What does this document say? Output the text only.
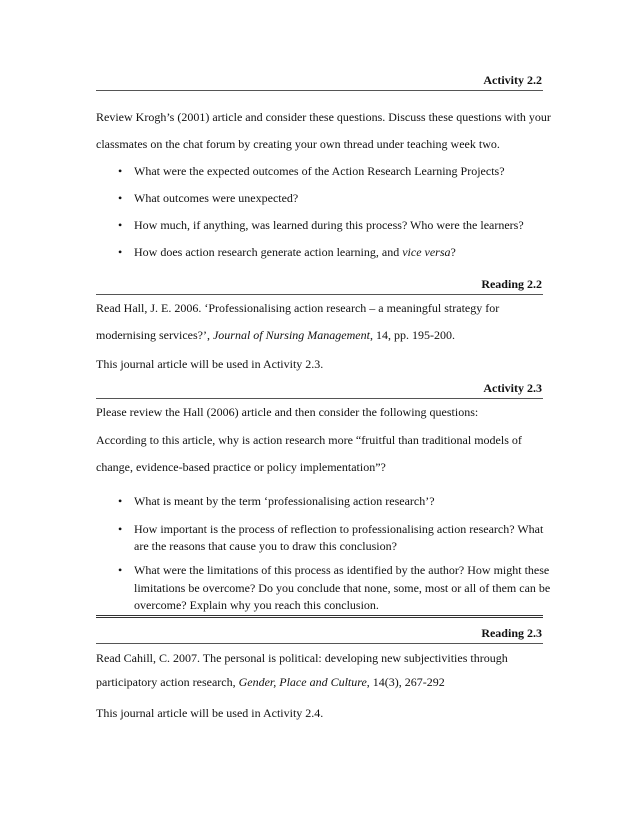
Activity 2.2
Review Krogh’s (2001) article and consider these questions. Discuss these questions with your
classmates on the chat forum by creating your own thread under teaching week two.
• What were the expected outcomes of the Action Research Learning Projects?
• What outcomes were unexpected?
• How much, if anything, was learned during this process? Who were the learners?
• How does action research generate action learning, and vice versa?
Reading 2.2
Read Hall, J. E. 2006. ‘Professionalising action research – a meaningful strategy for
modernising services?’, Journal of Nursing Management, 14, pp. 195-200.
This journal article will be used in Activity 2.3.
Activity 2.3
Please review the Hall (2006) article and then consider the following questions:
According to this article, why is action research more “fruitful than traditional models of
change, evidence-based practice or policy implementation”?
• What is meant by the term ‘professionalising action research’?
• How important is the process of reflection to professionalising action research? What
are the reasons that cause you to draw this conclusion?
• What were the limitations of this process as identified by the author? How might these
limitations be overcome? Do you conclude that none, some, most or all of them can be
overcome? Explain why you reach this conclusion.
Reading 2.3
Read Cahill, C. 2007. The personal is political: developing new subjectivities through
participatory action research, Gender, Place and Culture, 14(3), 267-292
This journal article will be used in Activity 2.4.
